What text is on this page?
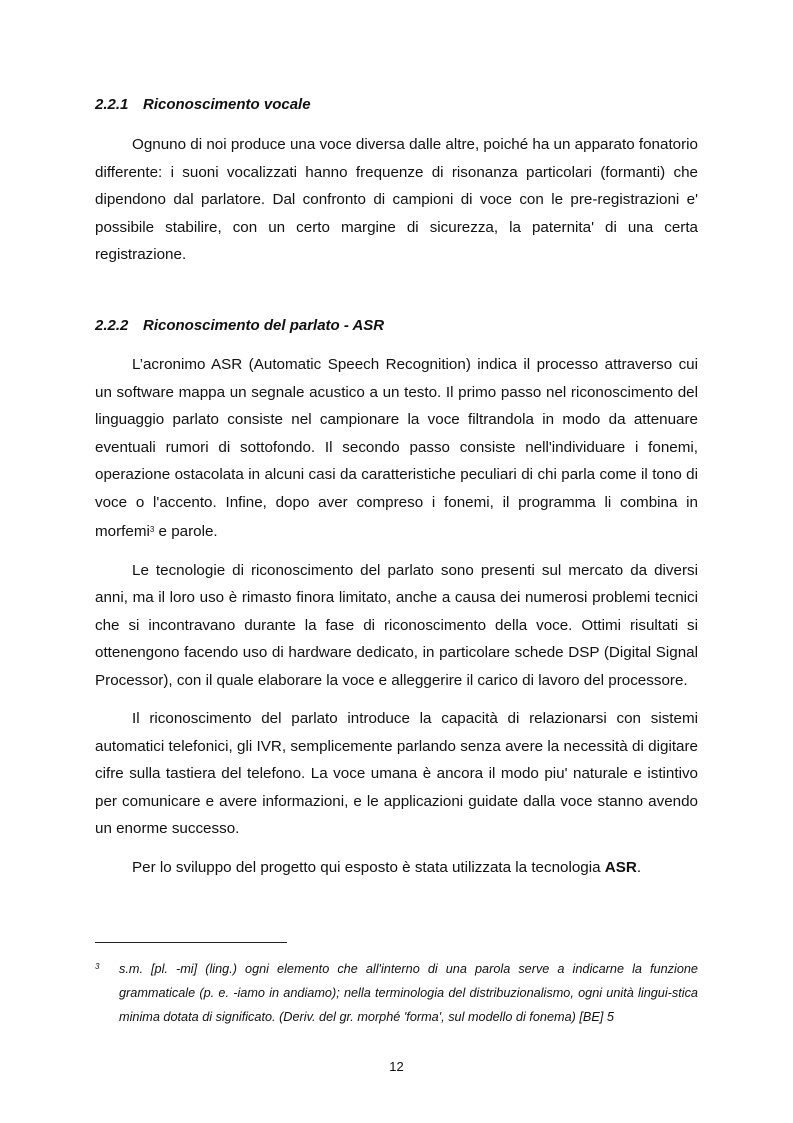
2.2.1 Riconoscimento vocale

Ognuno di noi produce una voce diversa dalle altre, poiché ha un apparato fonatorio differente: i suoni vocalizzati hanno frequenze di risonanza particolari (formanti) che dipendono dal parlatore. Dal confronto di campioni di voce con le pre-registrazioni e' possibile stabilire, con un certo margine di sicurezza, la paternita' di una certa registrazione.

2.2.2 Riconoscimento del parlato - ASR

L’acronimo ASR (Automatic Speech Recognition) indica il processo attraverso cui un software mappa un segnale acustico a un testo. Il primo passo nel riconoscimento del linguaggio parlato consiste nel campionare la voce filtrandola in modo da attenuare eventuali rumori di sottofondo. Il secondo passo consiste nell'individuare i fonemi, operazione ostacolata in alcuni casi da caratteristiche peculiari di chi parla come il tono di voce o l'accento. Infine, dopo aver compreso i fonemi, il programma li combina in morfemi$^3$ e parole.

Le tecnologie di riconoscimento del parlato sono presenti sul mercato da diversi anni, ma il loro uso è rimasto finora limitato, anche a causa dei numerosi problemi tecnici che si incontravano durante la fase di riconoscimento della voce. Ottimi risultati si ottenengono facendo uso di hardware dedicato, in particolare schede DSP (Digital Signal Processor), con il quale elaborare la voce e alleggerire il carico di lavoro del processore.

Il riconoscimento del parlato introduce la capacità di relazionarsi con sistemi automatici telefonici, gli IVR, semplicemente parlando senza avere la necessità di digitare cifre sulla tastiera del telefono. La voce umana è ancora il modo piu' naturale e istintivo per comunicare e avere informazioni, e le applicazioni guidate dalla voce stanno avendo un enorme successo.

Per lo sviluppo del progetto qui esposto è stata utilizzata la tecnologia ASR.

3 s.m. [pl. -mi] (ling.) ogni elemento che all'interno di una parola serve a indicarne la funzione grammaticale (p. e. -iamo in andiamo); nella terminologia del distribuzionalismo, ogni unità lingui-stica minima dotata di significato. (Deriv. del gr. morphé 'forma', sul modello di fonema) [BE] 5
12
